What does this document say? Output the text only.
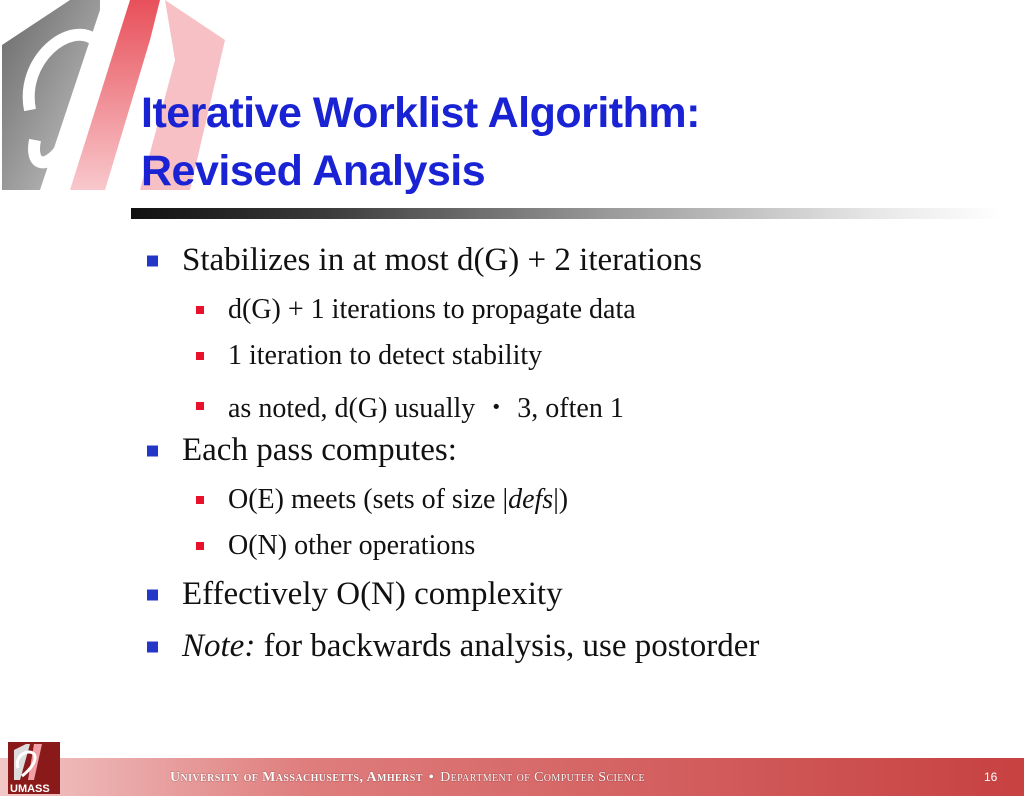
Iterative Worklist Algorithm:
Revised Analysis
Stabilizes in at most d(G) + 2 iterations
d(G) + 1 iterations to propagate data
1 iteration to detect stability
as noted, d(G) usually ・ 3, often 1
Each pass computes:
O(E) meets (sets of size |defs|)
O(N) other operations
Effectively O(N) complexity
Note: for backwards analysis, use postorder
UMASS
University of Massachusetts, Amherst • Department of Computer Science	16
